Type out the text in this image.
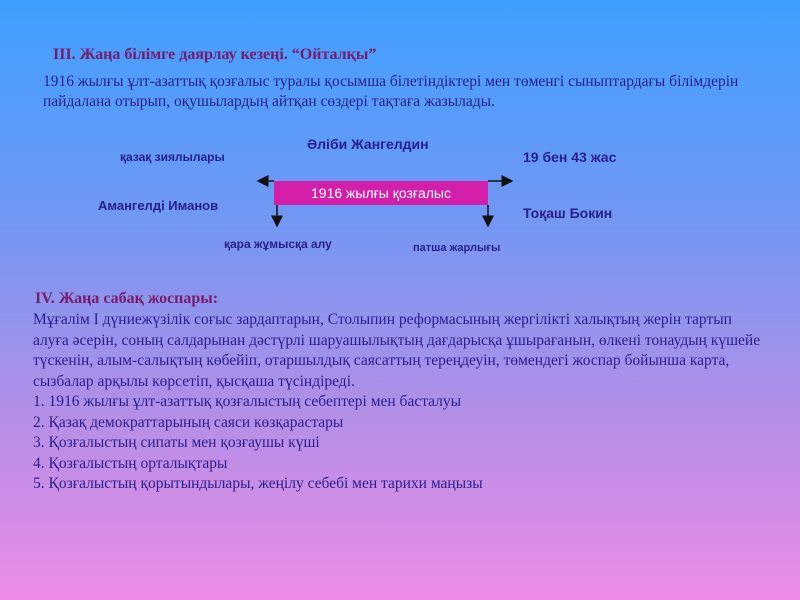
III. Жаңа білімге даярлау кезеңі. “Ойталқы”
1916 жылғы ұлт-азаттық қозғалыс туралы қосымша білетіндіктері мен төменгі сыныптардағы білімдерін пайдалана отырып, оқушылардың айтқан сөздері тақтаға жазылады.
Әліби Жангелдин
қазақ зиялылары	19 бен 43 жас
1916 жылғы қозғалыс
Амангелді Иманов	Тоқаш Бокин
қара жұмысқа алу	патша жарлығы
IV. Жаңа сабақ жоспары:

Мұғалім I дүниежүзілік соғыс зардаптарын, Столыпин реформасының жергілікті халықтың жерін тартып алуға әсерін, соның салдарынан дәстүрлі шаруашылықтың дағдарысқа ұшырағанын, өлкені тонаудың күшейе түскенін, алым-салықтың көбейіп, отаршылдық саясаттың тереңдеуін, төмендегі жоспар бойынша карта, сызбалар арқылы көрсетіп, қысқаша түсіндіреді.

1. 1916 жылғы ұлт-азаттық қозғалыстың себептері мен басталуы
2. Қазақ демократтарының саяси көзқарастары
3. Қозғалыстың сипаты мен қозғаушы күші
4. Қозғалыстың орталықтары
5. Қозғалыстың қорытындылары, жеңілу себебі мен тарихи маңызы
